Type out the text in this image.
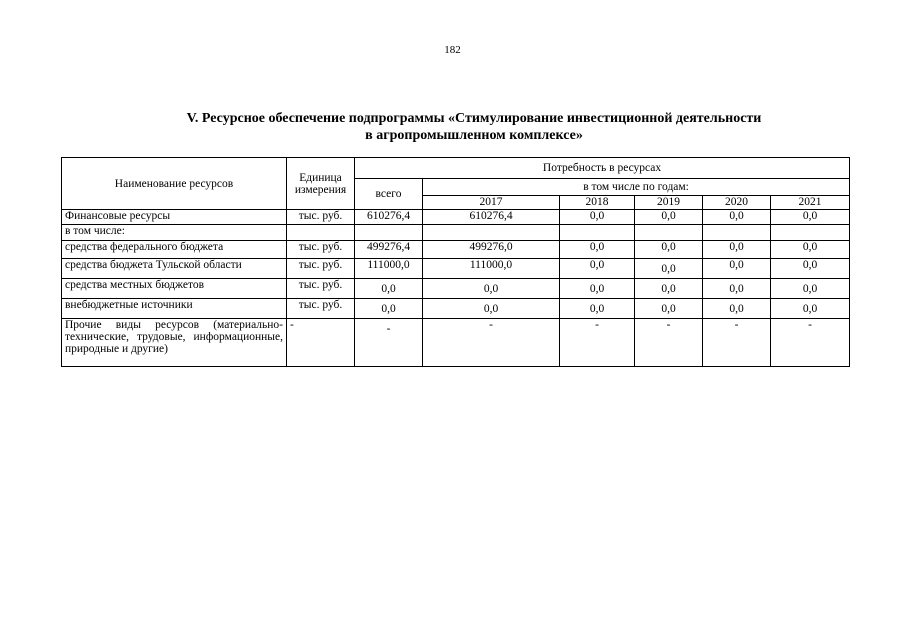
182
V. Ресурсное обеспечение подпрограммы «Стимулирование инвестиционной деятельности
в агропромышленном комплексе»
Наименование ресурсов	Единица измерения	Потребность в ресурсах					
		всего	в том числе по годам:				
			2017	2018	2019	2020	2021
Финансовые ресурсы	тыс. руб.	610276,4	610276,4	0,0	0,0	0,0	0,0
в том числе:							
средства федерального бюджета	тыс. руб.	499276,4	499276,0	0,0	0,0	0,0	0,0
средства бюджета Тульской области	тыс. руб.	111000,0	111000,0	0,0	0,0	0,0	0,0
средства местных бюджетов	тыс. руб.	0,0	0,0	0,0	0,0	0,0	0,0
внебюджетные источники	тыс. руб.	0,0	0,0	0,0	0,0	0,0	0,0
Прочие виды ресурсов (материально-технические, трудовые, информационные, природные и другие)	-	-	-	-	-	-	-
